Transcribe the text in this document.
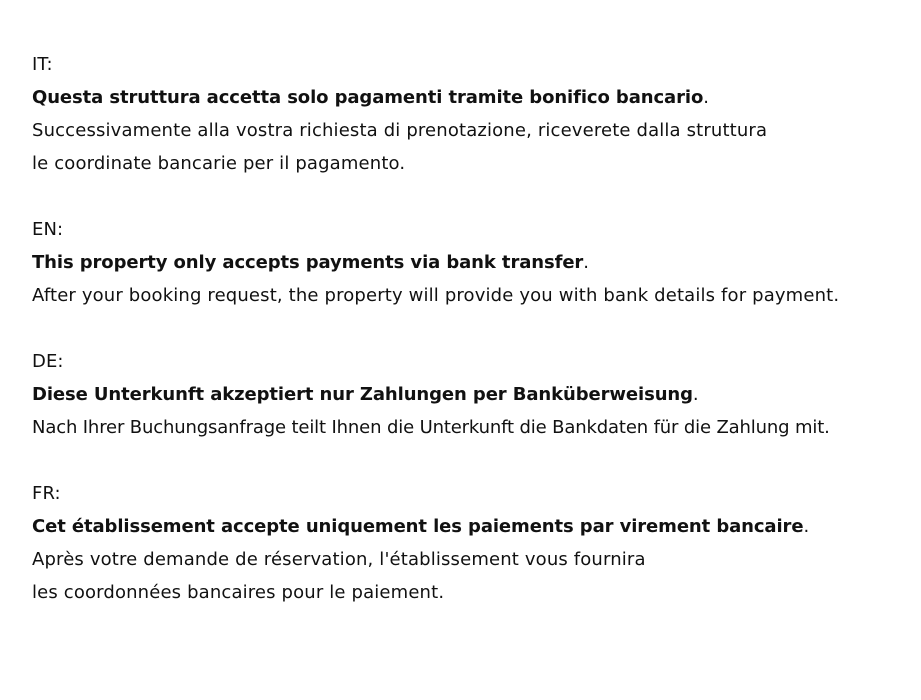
IT:
Questa struttura accetta solo pagamenti tramite bonifico bancario.
Successivamente alla vostra richiesta di prenotazione, riceverete dalla struttura
le coordinate bancarie per il pagamento.
EN:
This property only accepts payments via bank transfer.
After your booking request, the property will provide you with bank details for payment.
DE:
Diese Unterkunft akzeptiert nur Zahlungen per Banküberweisung.
Nach Ihrer Buchungsanfrage teilt Ihnen die Unterkunft die Bankdaten für die Zahlung mit.
FR:
Cet établissement accepte uniquement les paiements par virement bancaire.
Après votre demande de réservation, l'établissement vous fournira
les coordonnées bancaires pour le paiement.
